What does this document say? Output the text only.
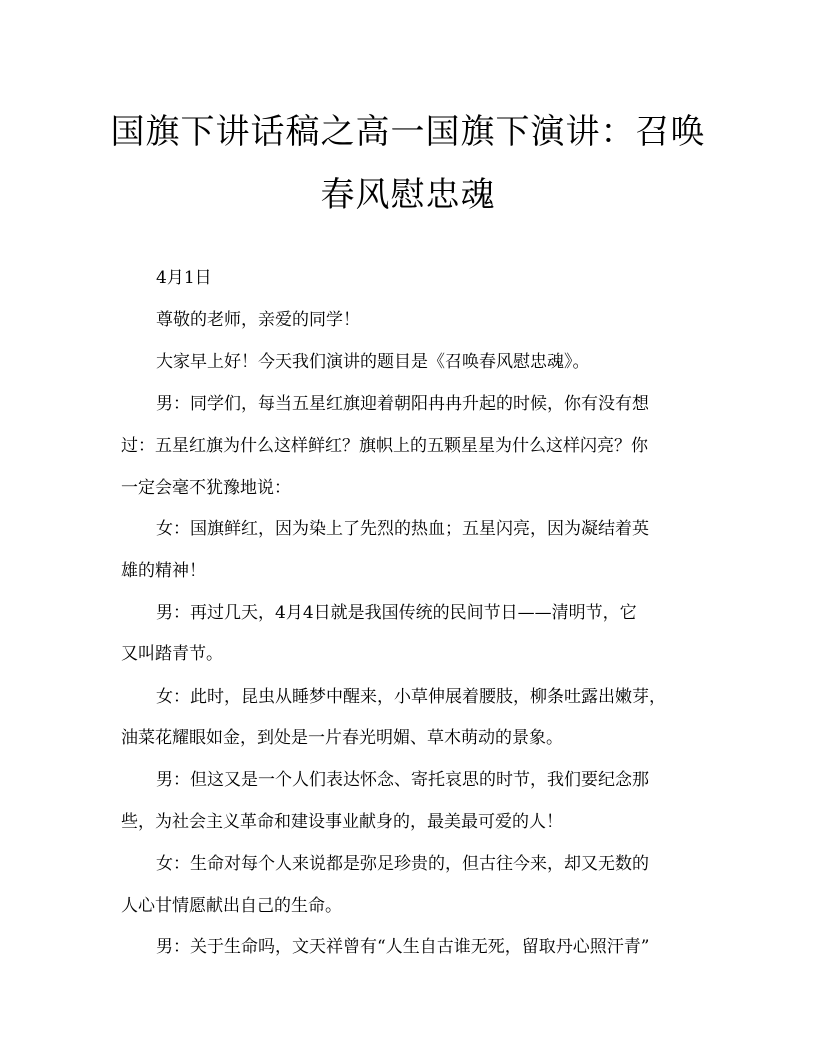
国旗下讲话稿之高一国旗下演讲：召唤
春风慰忠魂
4月1日
尊敬的老师，亲爱的同学！
大家早上好！今天我们演讲的题目是《召唤春风慰忠魂》。
男：同学们，每当五星红旗迎着朝阳冉冉升起的时候，你有没有想
过：五星红旗为什么这样鲜红？旗帜上的五颗星星为什么这样闪亮？你
一定会毫不犹豫地说：
女：国旗鲜红，因为染上了先烈的热血；五星闪亮，因为凝结着英
雄的精神！
男：再过几天，4月4日就是我国传统的民间节日——清明节，它
又叫踏青节。
女：此时，昆虫从睡梦中醒来，小草伸展着腰肢，柳条吐露出嫩芽，
油菜花耀眼如金，到处是一片春光明媚、草木萌动的景象。
男：但这又是一个人们表达怀念、寄托哀思的时节，我们要纪念那
些，为社会主义革命和建设事业献身的，最美最可爱的人！
女：生命对每个人来说都是弥足珍贵的，但古往今来，却又无数的
人心甘情愿献出自己的生命。
男：关于生命吗，文天祥曾有“人生自古谁无死，留取丹心照汗青”
